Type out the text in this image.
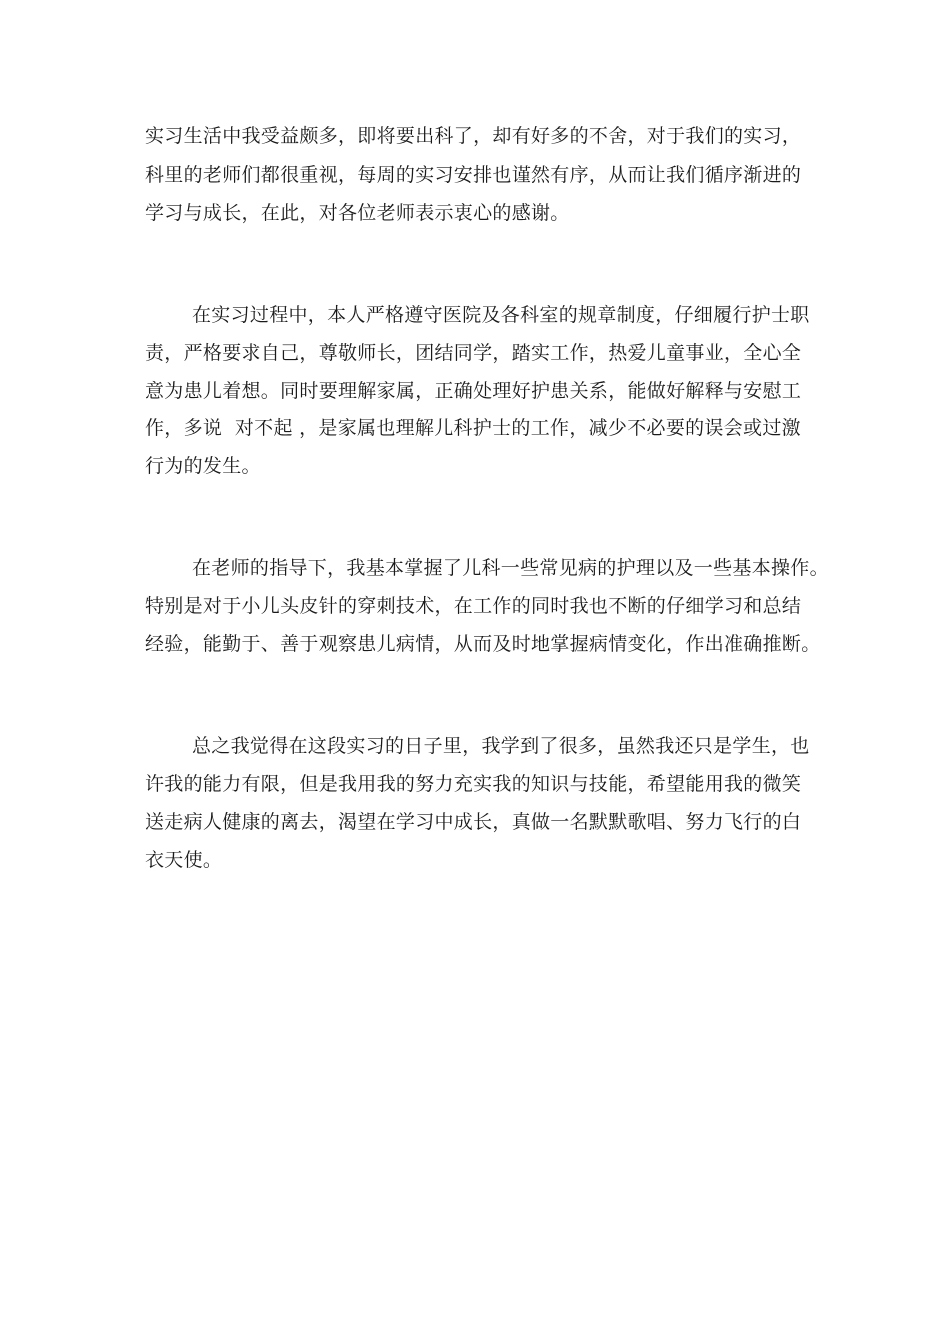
实习生活中我受益颇多，即将要出科了，却有好多的不舍，对于我们的实习，
科里的老师们都很重视，每周的实习安排也谨然有序，从而让我们循序渐进的
学习与成长，在此，对各位老师表示衷心的感谢。
在实习过程中，本人严格遵守医院及各科室的规章制度，仔细履行护士职
责，严格要求自己，尊敬师长，团结同学，踏实工作，热爱儿童事业，全心全
意为患儿着想。同时要理解家属，正确处理好护患关系，能做好解释与安慰工
作，多说  对不起 ，是家属也理解儿科护士的工作，减少不必要的误会或过激
行为的发生。
在老师的指导下，我基本掌握了儿科一些常见病的护理以及一些基本操作。
特别是对于小儿头皮针的穿刺技术，在工作的同时我也不断的仔细学习和总结
经验，能勤于、善于观察患儿病情，从而及时地掌握病情变化，作出准确推断。
总之我觉得在这段实习的日子里，我学到了很多，虽然我还只是学生，也
许我的能力有限，但是我用我的努力充实我的知识与技能，希望能用我的微笑
送走病人健康的离去，渴望在学习中成长，真做一名默默歌唱、努力飞行的白
衣天使。
